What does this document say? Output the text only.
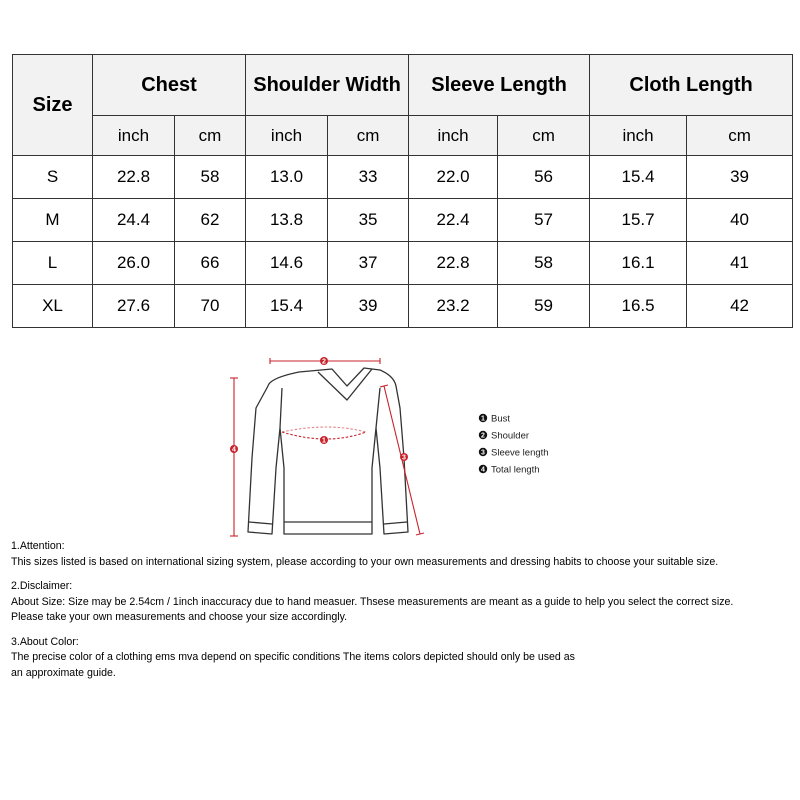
Size	Chest		Shoulder Width		Sleeve Length		Cloth Length	
	inch	cm	inch	cm	inch	cm	inch	cm
S	22.8	58	13.0	33	22.0	56	15.4	39
M	24.4	62	13.8	35	22.4	57	15.7	40
L	26.0	66	14.6	37	22.8	58	16.1	41
XL	27.6	70	15.4	39	23.2	59	16.5	42
2
1
4
3
1 Bust
2 Shoulder
3 Sleeve length
4 Total length

1.Attention:

This sizes listed is based on international sizing system, please according to your own measurements and dressing habits to choose your suitable size.

2.Disclaimer:

About Size: Size may be 2.54cm / 1inch inaccuracy due to hand measuer. Thsese measurements are meant as a guide to help you select the correct size.

Please take your own measurements and choose your size accordingly.

3.About Color:

The precise color of a clothing ems mva depend on specific conditions The items colors depicted should only be used as

an approximate guide.
